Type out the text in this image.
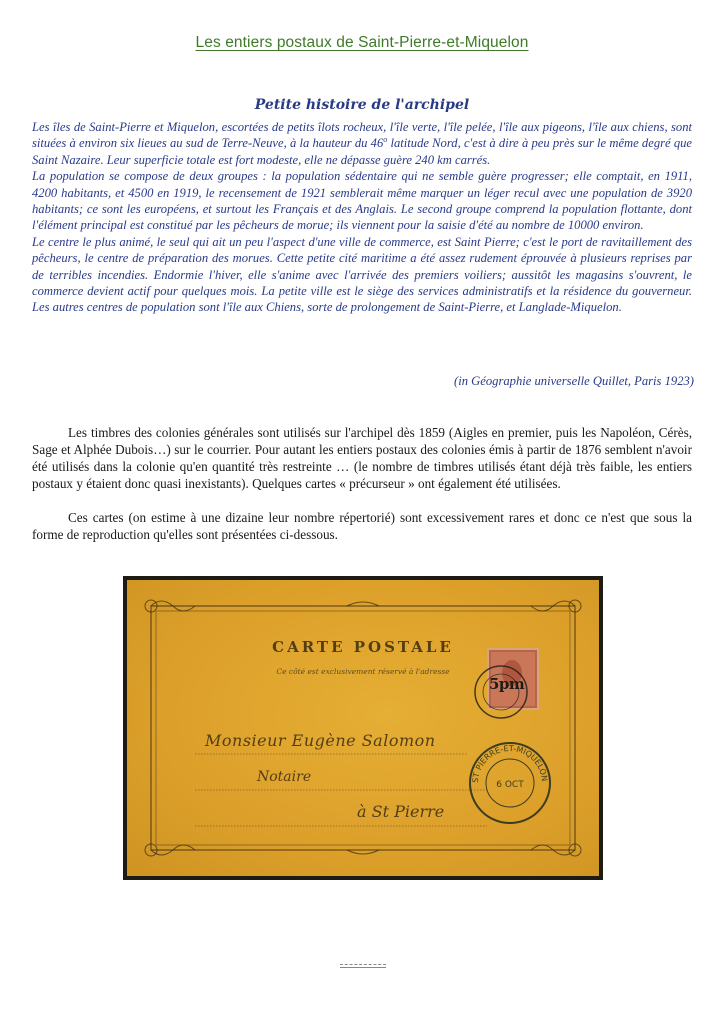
Les entiers postaux de Saint-Pierre-et-Miquelon
Petite histoire de l'archipel

Les îles de Saint-Pierre et Miquelon, escortées de petits îlots rocheux, l'île verte, l'île pelée, l'île aux pigeons, l'île aux chiens, sont situées à environ six lieues au sud de Terre-Neuve, à la hauteur du 46$^o$ latitude Nord, c'est à dire à peu près sur le même degré que Saint Nazaire. Leur superficie totale est fort modeste, elle ne dépasse guère 240 km carrés.

La population se compose de deux groupes : la population sédentaire qui ne semble guère progresser; elle comptait, en 1911, 4200 habitants, et 4500 en 1919, le recensement de 1921 semblerait même marquer un léger recul avec une population de 3920 habitants; ce sont les européens, et surtout les Français et des Anglais. Le second groupe comprend la population flottante, dont l'élément principal est constitué par les pêcheurs de morue; ils viennent pour la saisie d'été au nombre de 10000 environ.

Le centre le plus animé, le seul qui ait un peu l'aspect d'une ville de commerce, est Saint Pierre; c'est le port de ravitaillement des pêcheurs, le centre de préparation des morues. Cette petite cité maritime a été assez rudement éprouvée à plusieurs reprises par de terribles incendies. Endormie l'hiver, elle s'anime avec l'arrivée des premiers voiliers; aussitôt les magasins s'ouvrent, le commerce devient actif pour quelques mois. La petite ville est le siège des services administratifs et la résidence du gouverneur. Les autres centres de population sont l'île aux Chiens, sorte de prolongement de Saint-Pierre, et Langlade-Miquelon.

(in Géographie universelle Quillet, Paris 1923)

Les timbres des colonies générales sont utilisés sur l'archipel dès 1859 (Aigles en premier, puis les Napoléon, Cérès, Sage et Alphée Dubois…) sur le courrier. Pour autant les entiers postaux des colonies émis à partir de 1876 semblent n'avoir été utilisés dans la colonie qu'en quantité très restreinte … (le nombre de timbres utilisés étant déjà très faible, les entiers postaux y étaient donc quasi inexistants). Quelques cartes « précurseur » ont également été utilisées.

Ces cartes (on estime à une dizaine leur nombre répertorié) sont excessivement rares et donc ce n'est que sous la forme de reproduction qu'elles sont présentées ci-dessous.

CARTE POSTALE
Ce côté est exclusivement réservé à l'adresse
Monsieur Eugène Salomon
Notaire
à St Pierre
5pm
ST PIERRE-ET-MIQUELON
6 OCT
